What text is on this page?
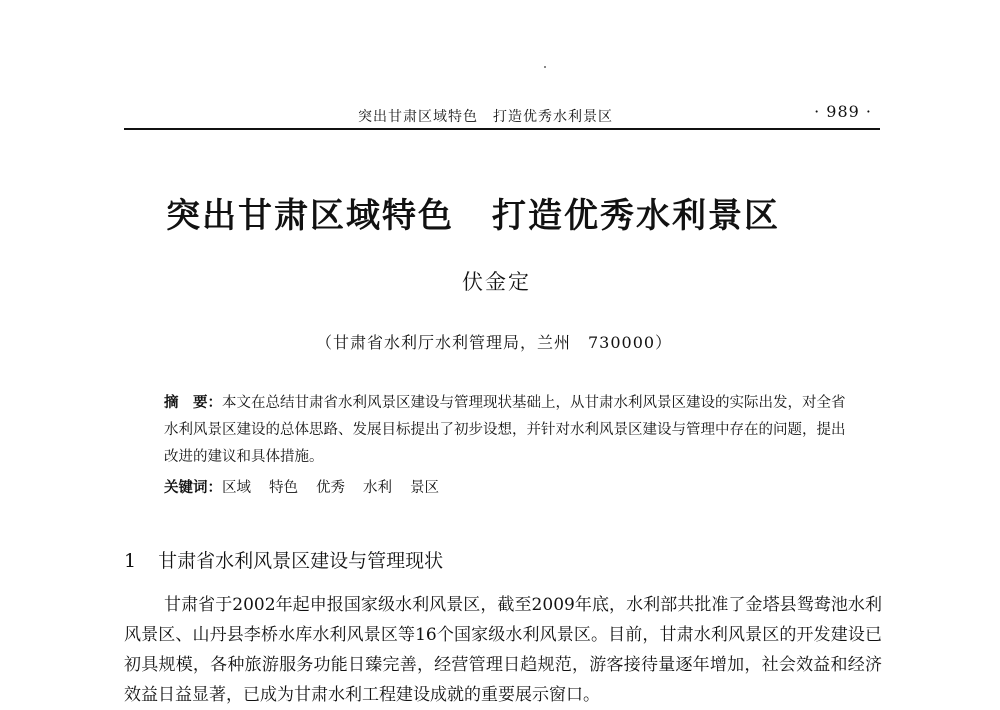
突出甘肃区域特色　打造优秀水利景区	· 989 ·
突出甘肃区域特色 打造优秀水利景区
伏金定
（甘肃省水利厅水利管理局，兰州　730000）
摘　要：本文在总结甘肃省水利风景区建设与管理现状基础上，从甘肃水利风景区建设的实际出发，对全省水利风景区建设的总体思路、发展目标提出了初步设想，并针对水利风景区建设与管理中存在的问题，提出改进的建议和具体措施。
关键词：区域 特色 优秀 水利 景区
1 甘肃省水利风景区建设与管理现状
甘肃省于2002年起申报国家级水利风景区，截至2009年底，水利部共批准了金塔县鸳鸯池水利风景区、山丹县李桥水库水利风景区等16个国家级水利风景区。目前，甘肃水利风景区的开发建设已初具规模，各种旅游服务功能日臻完善，经营管理日趋规范，游客接待量逐年增加，社会效益和经济效益日益显著，已成为甘肃水利工程建设成就的重要展示窗口。
